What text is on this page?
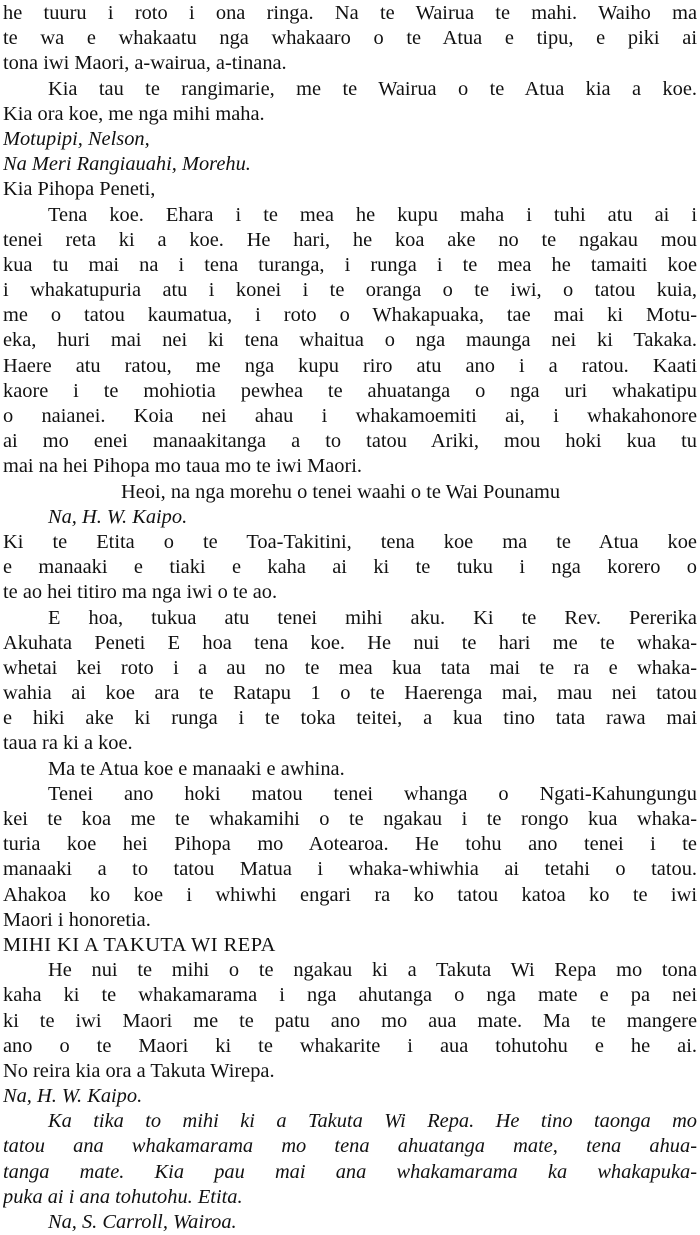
he tuuru i roto i ona ringa. Na te Wairua te mahi. Waiho ma
te wa e whakaatu nga whakaaro o te Atua e tipu, e piki ai
tona iwi Maori, a-wairua, a-tinana.
Kia tau te rangimarie, me te Wairua o te Atua kia a koe.
Kia ora koe, me nga mihi maha.
Motupipi, Nelson,
Na Meri Rangiauahi, Morehu.
Kia Pihopa Peneti,
Tena koe. Ehara i te mea he kupu maha i tuhi atu ai i
tenei reta ki a koe. He hari, he koa ake no te ngakau mou
kua tu mai na i tena turanga, i runga i te mea he tamaiti koe
i whakatupuria atu i konei i te oranga o te iwi, o tatou kuia,
me o tatou kaumatua, i roto o Whakapuaka, tae mai ki Motu-
eka, huri mai nei ki tena whaitua o nga maunga nei ki Takaka.
Haere atu ratou, me nga kupu riro atu ano i a ratou. Kaati
kaore i te mohiotia pewhea te ahuatanga o nga uri whakatipu
o naianei. Koia nei ahau i whakamoemiti ai, i whakahonore
ai mo enei manaakitanga a to tatou Ariki, mou hoki kua tu
mai na hei Pihopa mo taua mo te iwi Maori.
Heoi, na nga morehu o tenei waahi o te Wai Pounamu
Na, H. W. Kaipo.
Ki te Etita o te Toa-Takitini, tena koe ma te Atua koe
e manaaki e tiaki e kaha ai ki te tuku i nga korero o
te ao hei titiro ma nga iwi o te ao.
E hoa, tukua atu tenei mihi aku. Ki te Rev. Pererika
Akuhata Peneti E hoa tena koe. He nui te hari me te whaka-
whetai kei roto i a au no te mea kua tata mai te ra e whaka-
wahia ai koe ara te Ratapu 1 o te Haerenga mai, mau nei tatou
e hiki ake ki runga i te toka teitei, a kua tino tata rawa mai
taua ra ki a koe.
Ma te Atua koe e manaaki e awhina.
Tenei ano hoki matou tenei whanga o Ngati-Kahungungu
kei te koa me te whakamihi o te ngakau i te rongo kua whaka-
turia koe hei Pihopa mo Aotearoa. He tohu ano tenei i te
manaaki a to tatou Matua i whaka-whiwhia ai tetahi o tatou.
Ahakoa ko koe i whiwhi engari ra ko tatou katoa ko te iwi
Maori i honoretia.
MIHI KI A TAKUTA WI REPA
He nui te mihi o te ngakau ki a Takuta Wi Repa mo tona
kaha ki te whakamarama i nga ahutanga o nga mate e pa nei
ki te iwi Maori me te patu ano mo aua mate. Ma te mangere
ano o te Maori ki te whakarite i aua tohutohu e he ai.
No reira kia ora a Takuta Wirepa.
Na, H. W. Kaipo.
Ka tika to mihi ki a Takuta Wi Repa. He tino taonga mo
tatou ana whakamarama mo tena ahuatanga mate, tena ahua-
tanga mate. Kia pau mai ana whakamarama ka whakapuka-
puka ai i ana tohutohu. Etita.
Na, S. Carroll, Wairoa.
